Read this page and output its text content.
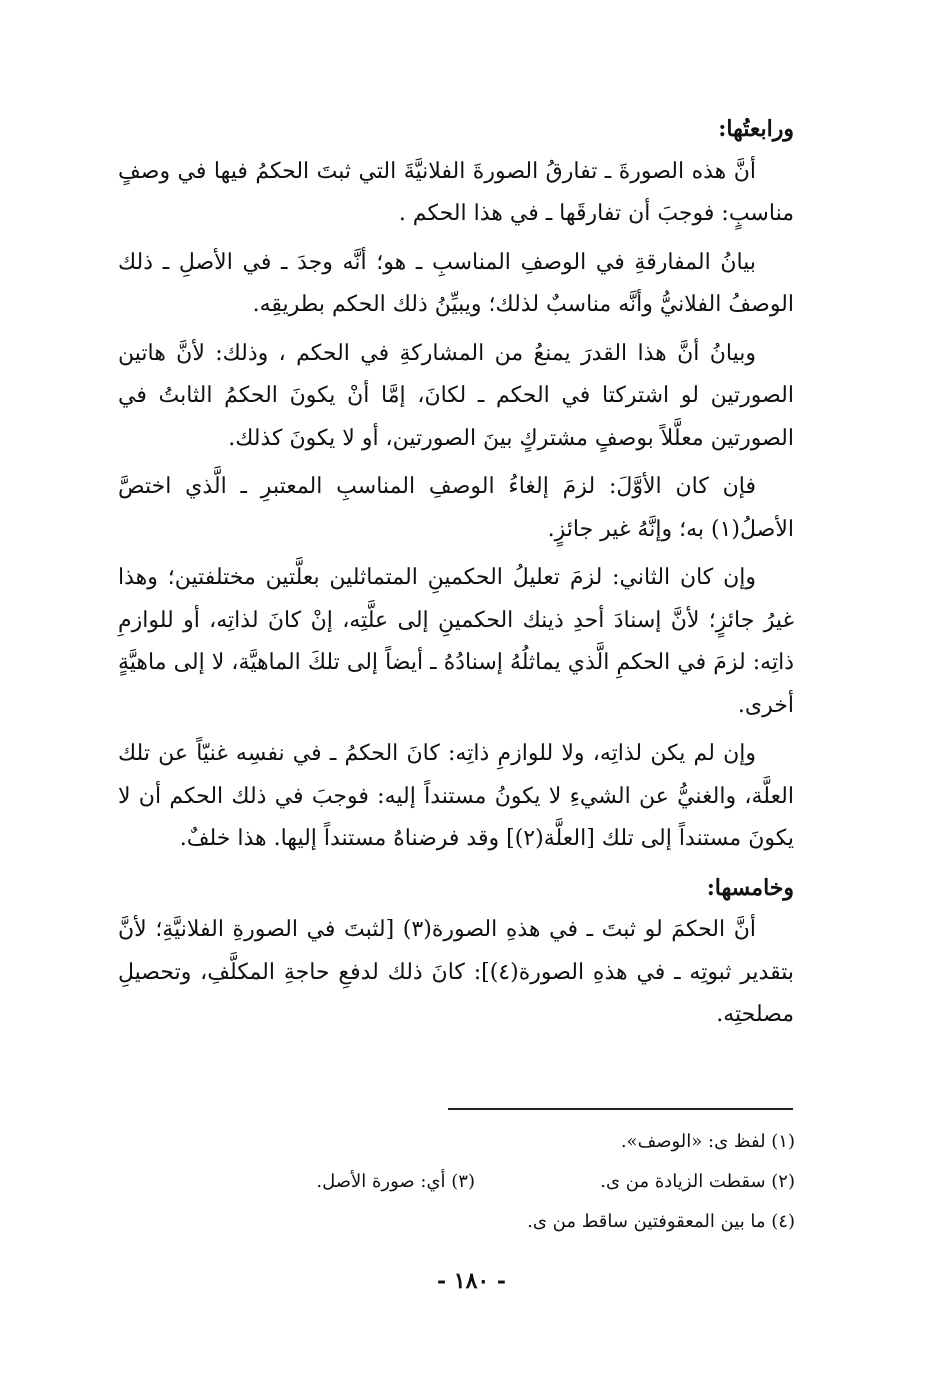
ورابعتُها:

أنَّ هذه الصورةَ ـ تفارقُ الصورةَ الفلانيَّةَ التي ثبتَ الحكمُ فيها في وصفٍ مناسبٍ: فوجبَ أن تفارقَها ـ في هذا الحكم .

بيانُ المفارقةِ في الوصفِ المناسبِ ـ هو؛ أنَّه وجدَ ـ في الأصلِ ـ ذلك الوصفُ الفلانيُّ وأنَّه مناسبٌ لذلك؛ ويبيِّنُ ذلك الحكم بطريقِه.

وبيانُ أنَّ هذا القدرَ يمنعُ من المشاركةِ في الحكم ، وذلك: لأنَّ هاتين الصورتين لو اشتركتا في الحكم ـ لكانَ، إمَّا أنْ يكونَ الحكمُ الثابتُ في الصورتين معلَّلاً بوصفٍ مشتركٍ بينَ الصورتين، أو لا يكونَ كذلك.

فإن كان الأوَّلَ: لزمَ إلغاءُ الوصفِ المناسبِ المعتبرِ ـ الَّذي اختصَّ الأصلُ(١) به؛ وإنَّهُ غير جائزٍ.

وإن كان الثاني: لزمَ تعليلُ الحكمينِ المتماثلين بعلَّتين مختلفتين؛ وهذا غيرُ جائزٍ؛ لأنَّ إسنادَ أحدِ ذينك الحكمينِ إلى علَّتِه، إنْ كانَ لذاتِه، أو للوازمِ ذاتِه: لزمَ في الحكمِ الَّذي يماثلُهُ إسنادُهُ ـ أيضاً إلى تلكَ الماهيَّة، لا إلى ماهيَّةٍ أخرى.

وإن لم يكن لذاتِه، ولا للوازمِ ذاتِه: كانَ الحكمُ ـ في نفسِه غنيّاً عن تلك العلَّة، والغنيُّ عن الشيءِ لا يكونُ مستنداً إليه: فوجبَ في ذلك الحكم أن لا يكونَ مستنداً إلى تلك [العلَّة(٢)] وقد فرضناهُ مستنداً إليها. هذا خلفٌ.

وخامسها:

أنَّ الحكمَ لو ثبتَ ـ في هذهِ الصورة(٣) [لثبتَ في الصورةِ الفلانيَّةِ؛ لأنَّ بتقدير ثبوتِه ـ في هذهِ الصورة(٤)]: كانَ ذلك لدفعِ حاجةِ المكلَّفِ، وتحصيلِ مصلحتِه.

(١) لفظ ى: «الوصف».
(٢) سقطت الزيادة من ى.
(٣) أي: صورة الأصل.
(٤) ما بين المعقوفتين ساقط من ى.
- ١٨٠ -
